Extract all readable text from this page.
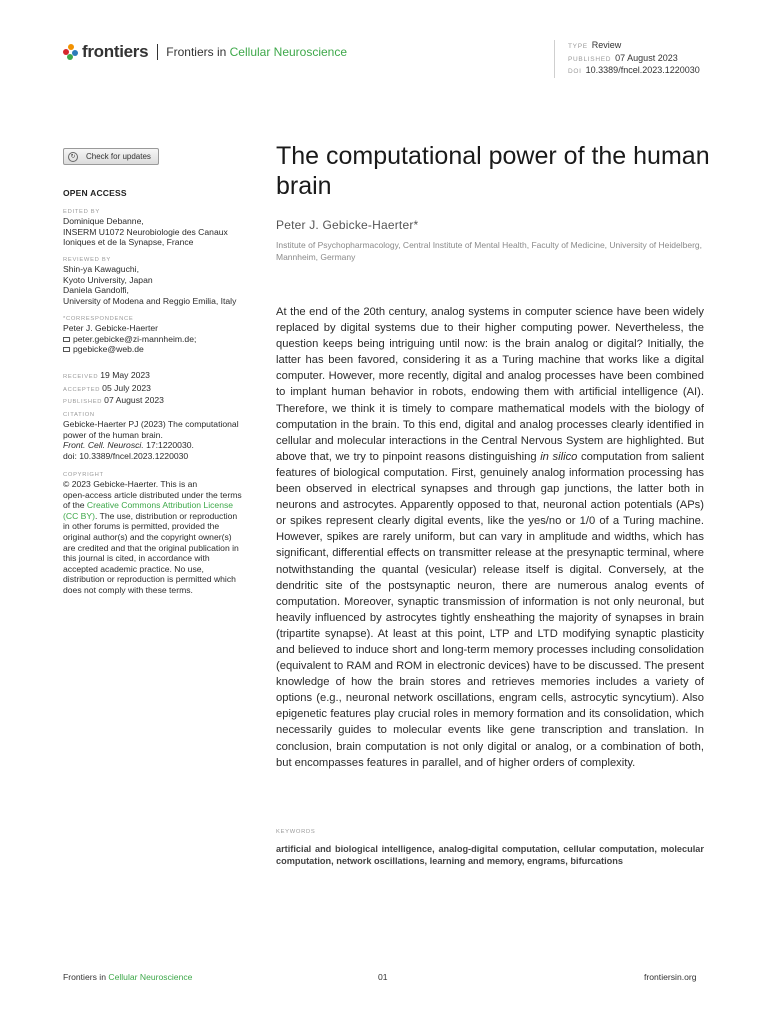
frontiers Frontiers in Cellular Neuroscience	TYPE Review
PUBLISHED 07 August 2023
DOI 10.3389/fncel.2023.1220030
↻	Check for updates
OPEN ACCESS
EDITED BY
Dominique Debanne,
INSERM U1072 Neurobiologie des Canaux
Ioniques et de la Synapse, France
REVIEWED BY
Shin-ya Kawaguchi,
Kyoto University, Japan
Daniela Gandolfi,
University of Modena and Reggio Emilia, Italy
*CORRESPONDENCE
Peter J. Gebicke-Haerter
peter.gebicke@zi-mannheim.de;
pgebicke@web.de
RECEIVED 19 May 2023
ACCEPTED 05 July 2023
PUBLISHED 07 August 2023
CITATION
Gebicke-Haerter PJ (2023) The computational
power of the human brain.
Front. Cell. Neurosci. 17:1220030.
doi: 10.3389/fncel.2023.1220030
COPYRIGHT
© 2023 Gebicke-Haerter. This is an
open-access article distributed under the terms
of the Creative Commons Attribution License
(CC BY). The use, distribution or reproduction
in other forums is permitted, provided the
original author(s) and the copyright owner(s)
are credited and that the original publication in
this journal is cited, in accordance with
accepted academic practice. No use,
distribution or reproduction is permitted which
does not comply with these terms.
The computational power of the human brain
Peter J. Gebicke-Haerter*
Institute of Psychopharmacology, Central Institute of Mental Health, Faculty of Medicine, University of Heidelberg, Mannheim, Germany

At the end of the 20th century, analog systems in computer science have been widely replaced by digital systems due to their higher computing power. Nevertheless, the question keeps being intriguing until now: is the brain analog or digital? Initially, the latter has been favored, considering it as a Turing machine that works like a digital computer. However, more recently, digital and analog processes have been combined to implant human behavior in robots, endowing them with artificial intelligence (AI). Therefore, we think it is timely to compare mathematical models with the biology of computation in the brain. To this end, digital and analog processes clearly identified in cellular and molecular interactions in the Central Nervous System are highlighted. But above that, we try to pinpoint reasons distinguishing in silico computation from salient features of biological computation. First, genuinely analog information processing has been observed in electrical synapses and through gap junctions, the latter both in neurons and astrocytes. Apparently opposed to that, neuronal action potentials (APs) or spikes represent clearly digital events, like the yes/no or 1/0 of a Turing machine. However, spikes are rarely uniform, but can vary in amplitude and widths, which has significant, differential effects on transmitter release at the presynaptic terminal, where notwithstanding the quantal (vesicular) release itself is digital. Conversely, at the dendritic site of the postsynaptic neuron, there are numerous analog events of computation. Moreover, synaptic transmission of information is not only neuronal, but heavily influenced by astrocytes tightly ensheathing the majority of synapses in brain (tripartite synapse). At least at this point, LTP and LTD modifying synaptic plasticity and believed to induce short and long-term memory processes including consolidation (equivalent to RAM and ROM in electronic devices) have to be discussed. The present knowledge of how the brain stores and retrieves memories includes a variety of options (e.g., neuronal network oscillations, engram cells, astrocytic syncytium). Also epigenetic features play crucial roles in memory formation and its consolidation, which necessarily guides to molecular events like gene transcription and translation. In conclusion, brain computation is not only digital or analog, or a combination of both, but encompasses features in parallel, and of higher orders of complexity.

KEYWORDS

artificial and biological intelligence, analog-digital computation, cellular computation, molecular computation, network oscillations, learning and memory, engrams, bifurcations

Frontiers in Cellular Neuroscience	01	frontiersin.org
